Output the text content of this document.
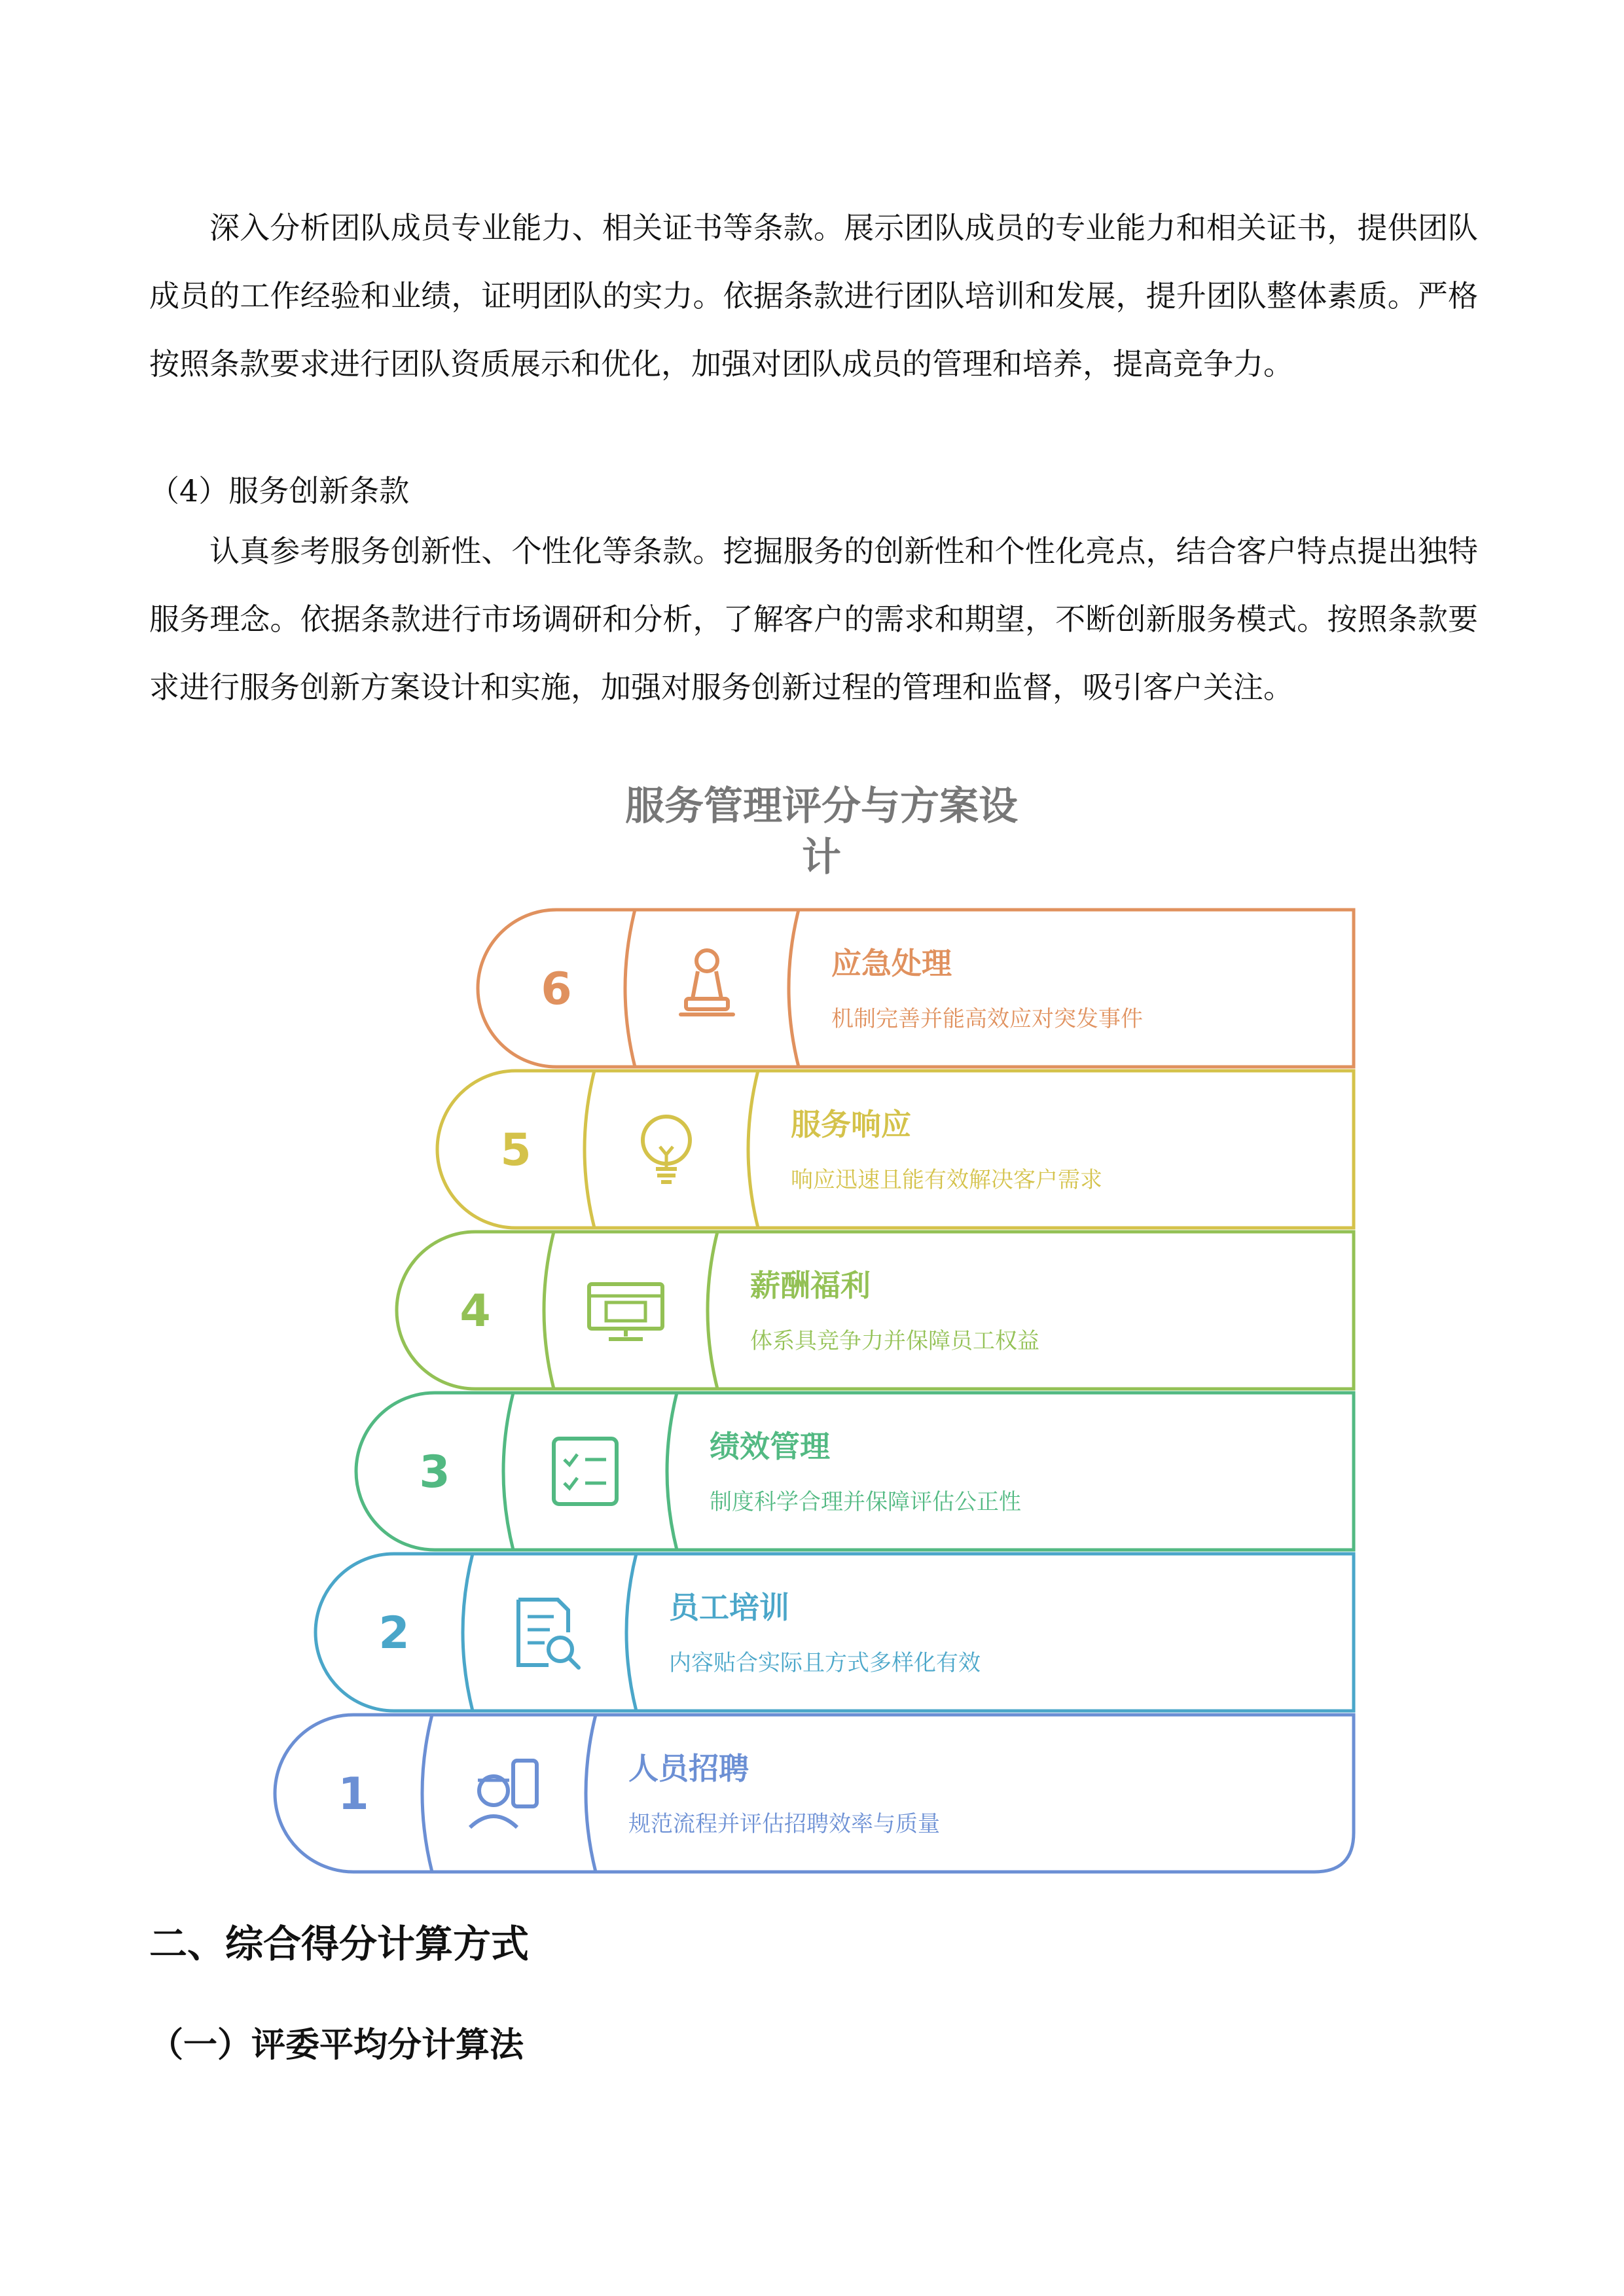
深入分析团队成员专业能力、相关证书等条款。展示团队成员的专业能力和相关证书，提供团队成员的工作经验和业绩，证明团队的实力。依据条款进行团队培训和发展，提升团队整体素质。严格按照条款要求进行团队资质展示和优化，加强对团队成员的管理和培养，提高竞争力。

（4）服务创新条款

认真参考服务创新性、个性化等条款。挖掘服务的创新性和个性化亮点，结合客户特点提出独特服务理念。依据条款进行市场调研和分析，了解客户的需求和期望，不断创新服务模式。按照条款要求进行服务创新方案设计和实施，加强对服务创新过程的管理和监督，吸引客户关注。

服务管理评分与方案设
计
6	应急处理
机制完善并能高效应对突发事件
5	服务响应
响应迅速且能有效解决客户需求
4	薪酬福利
体系具竞争力并保障员工权益
3	绩效管理
制度科学合理并保障评估公正性
2	员工培训
内容贴合实际且方式多样化有效
1	人员招聘
规范流程并评估招聘效率与质量
二、综合得分计算方式
（一）评委平均分计算法
